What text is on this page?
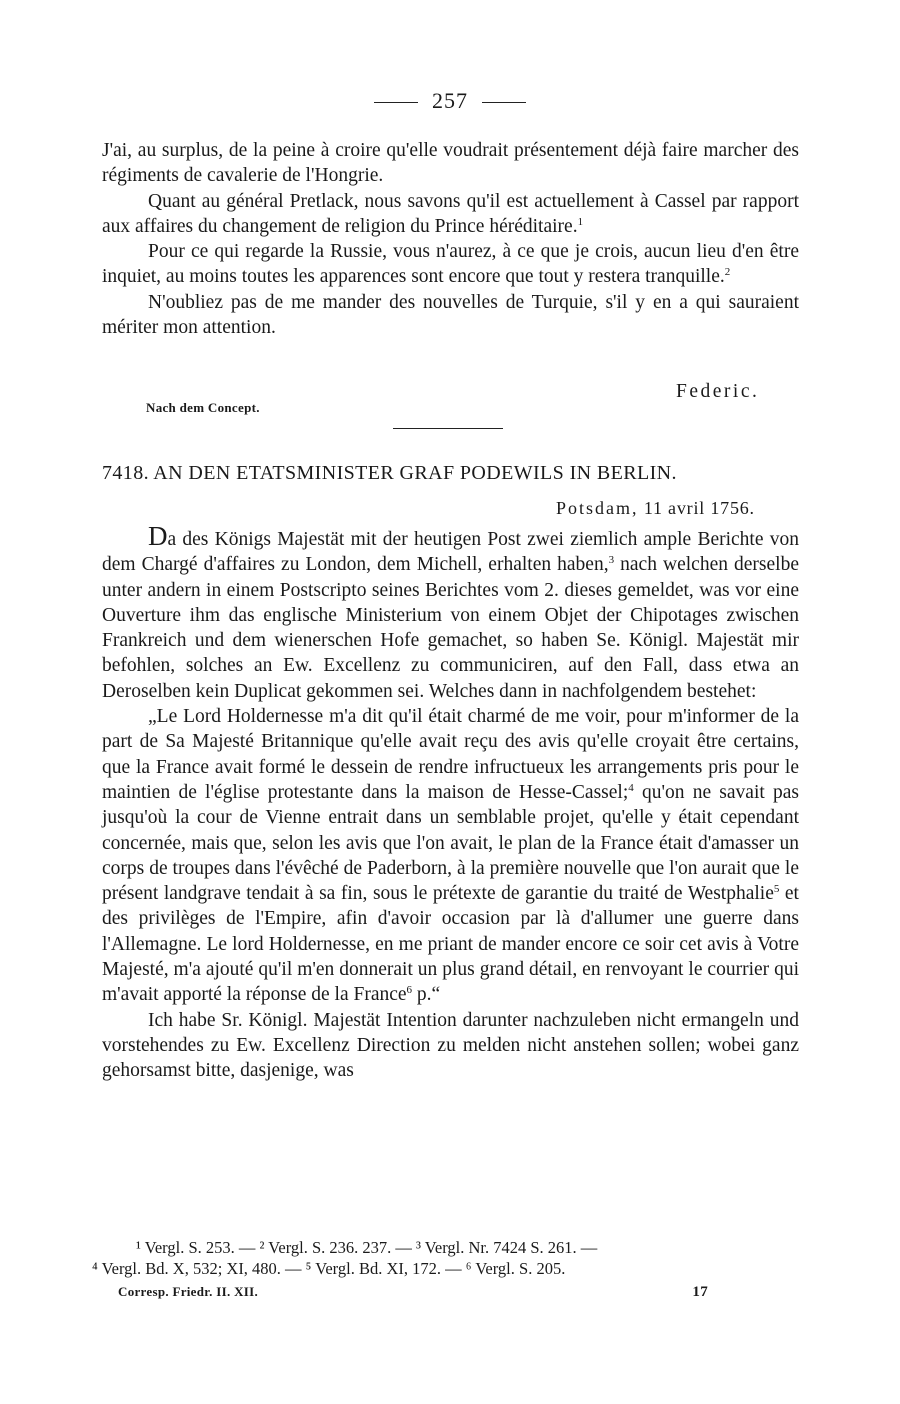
257

J'ai, au surplus, de la peine à croire qu'elle voudrait présentement déjà faire marcher des régiments de cavalerie de l'Hongrie.

Quant au général Pretlack, nous savons qu'il est actuellement à Cassel par rapport aux affaires du changement de religion du Prince héréditaire.$^1$

Pour ce qui regarde la Russie, vous n'aurez, à ce que je crois, aucun lieu d'en être inquiet, au moins toutes les apparences sont encore que tout y restera tranquille.$^2$

N'oubliez pas de me mander des nouvelles de Turquie, s'il y en a qui sauraient mériter mon attention.

Federic.
Nach dem Concept.
7418. AN DEN ETATSMINISTER GRAF PODEWILS IN BERLIN.
Potsdam, 11 avril 1756.

Da des Königs Majestät mit der heutigen Post zwei ziemlich ample Berichte von dem Chargé d'affaires zu London, dem Michell, erhalten haben,$^3$ nach welchen derselbe unter andern in einem Postscripto seines Berichtes vom 2. dieses gemeldet, was vor eine Ouverture ihm das englische Ministerium von einem Objet der Chipotages zwischen Frankreich und dem wienerschen Hofe gemachet, so haben Se. Königl. Majestät mir befohlen, solches an Ew. Excellenz zu communiciren, auf den Fall, dass etwa an Deroselben kein Duplicat gekommen sei. Welches dann in nachfolgendem bestehet:

„Le Lord Holdernesse m'a dit qu'il était charmé de me voir, pour m'informer de la part de Sa Majesté Britannique qu'elle avait reçu des avis qu'elle croyait être certains, que la France avait formé le dessein de rendre infructueux les arrangements pris pour le maintien de l'église protestante dans la maison de Hesse-Cassel;$^4$ qu'on ne savait pas jusqu'où la cour de Vienne entrait dans un semblable projet, qu'elle y était cependant concernée, mais que, selon les avis que l'on avait, le plan de la France était d'amasser un corps de troupes dans l'évêché de Paderborn, à la première nouvelle que l'on aurait que le présent landgrave tendait à sa fin, sous le prétexte de garantie du traité de Westphalie$^5$ et des privilèges de l'Empire, afin d'avoir occasion par là d'allumer une guerre dans l'Allemagne. Le lord Holdernesse, en me priant de mander encore ce soir cet avis à Votre Majesté, m'a ajouté qu'il m'en donnerait un plus grand détail, en renvoyant le courrier qui m'avait apporté la réponse de la France$^6$ p.“

Ich habe Sr. Königl. Majestät Intention darunter nachzuleben nicht ermangeln und vorstehendes zu Ew. Excellenz Direction zu melden nicht anstehen sollen; wobei ganz gehorsamst bitte, dasjenige, was

¹ Vergl. S. 253. — ² Vergl. S. 236. 237. — ³ Vergl. Nr. 7424 S. 261. —

⁴ Vergl. Bd. X, 532; XI, 480. — ⁵ Vergl. Bd. XI, 172. — ⁶ Vergl. S. 205.

Corresp. Friedr. II. XII.	17
